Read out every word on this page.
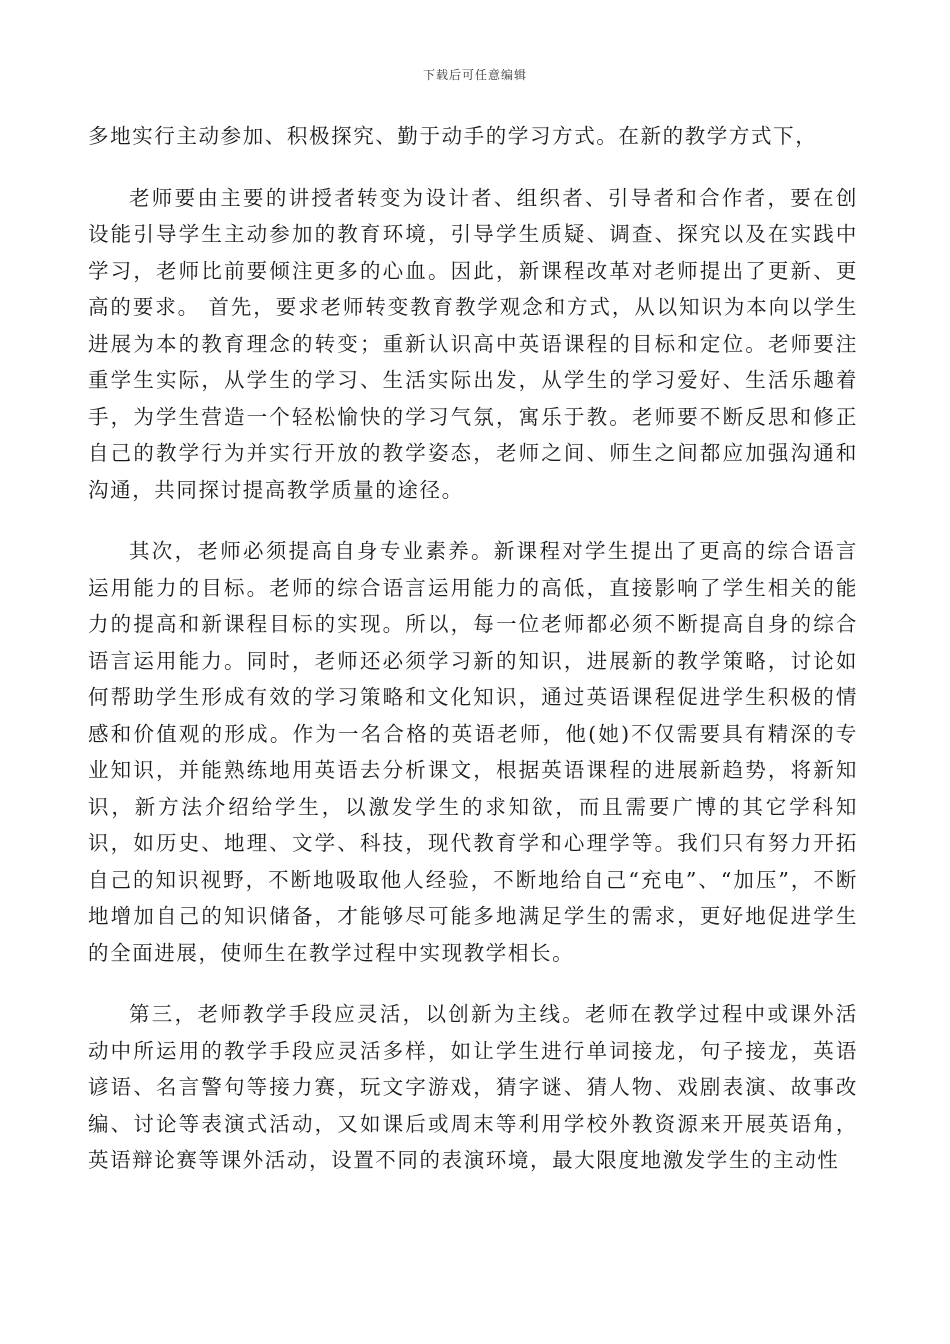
下载后可任意编辑

多地实行主动参加、积极探究、勤于动手的学习方式。在新的教学方式下，

老师要由主要的讲授者转变为设计者、组织者、引导者和合作者，要在创设能引导学生主动参加的教育环境，引导学生质疑、调查、探究以及在实践中学习，老师比前要倾注更多的心血。因此，新课程改革对老师提出了更新、更高的要求。 首先，要求老师转变教育教学观念和方式，从以知识为本向以学生进展为本的教育理念的转变；重新认识高中英语课程的目标和定位。老师要注重学生实际，从学生的学习、生活实际出发，从学生的学习爱好、生活乐趣着手，为学生营造一个轻松愉快的学习气氛，寓乐于教。老师要不断反思和修正自己的教学行为并实行开放的教学姿态，老师之间、师生之间都应加强沟通和沟通，共同探讨提高教学质量的途径。

其次，老师必须提高自身专业素养。新课程对学生提出了更高的综合语言运用能力的目标。老师的综合语言运用能力的高低，直接影响了学生相关的能力的提高和新课程目标的实现。所以，每一位老师都必须不断提高自身的综合语言运用能力。同时，老师还必须学习新的知识，进展新的教学策略，讨论如何帮助学生形成有效的学习策略和文化知识，通过英语课程促进学生积极的情感和价值观的形成。作为一名合格的英语老师，他(她)不仅需要具有精深的专业知识，并能熟练地用英语去分析课文，根据英语课程的进展新趋势，将新知识，新方法介绍给学生，以激发学生的求知欲，而且需要广博的其它学科知识，如历史、地理、文学、科技，现代教育学和心理学等。我们只有努力开拓自己的知识视野，不断地吸取他人经验，不断地给自己“充电”、“加压”，不断地增加自己的知识储备，才能够尽可能多地满足学生的需求，更好地促进学生的全面进展，使师生在教学过程中实现教学相长。

第三，老师教学手段应灵活，以创新为主线。老师在教学过程中或课外活动中所运用的教学手段应灵活多样，如让学生进行单词接龙，句子接龙，英语谚语、名言警句等接力赛，玩文字游戏，猜字谜、猜人物、戏剧表演、故事改编、讨论等表演式活动，又如课后或周末等利用学校外教资源来开展英语角，英语辩论赛等课外活动，设置不同的表演环境，最大限度地激发学生的主动性
